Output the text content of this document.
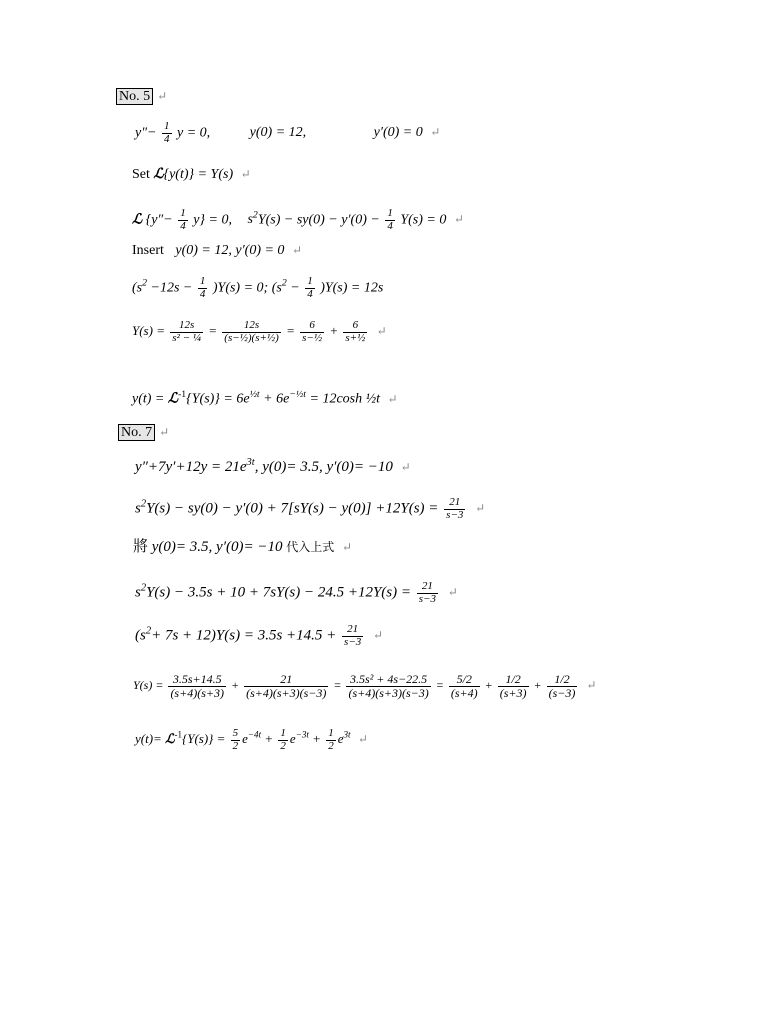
No. 5 ↵
$y''- \frac{1}{4}$ y = 0,	y(0) = 12,	y′(0) = 0 ↵
Set ℒ{y(t)} = Y(s) ↵
ℒ $\{y''- \frac{1}{4} y\} = 0$, $s^2Y(s) - sy(0) - y'(0) - \frac{1}{4} Y(s) = 0$ ↵
Insert y(0) = 12, y′(0) = 0 ↵
$(s^2 -12s - \frac{1}{4} )Y(s) = 0$; $(s^2 - \frac{1}{4} )Y(s) = 12s$
$Y(s) = \frac{12s}{\text{s² − ¼}} = \frac{12s}{\text{(s−½)(s+½)}} = \frac{6}{\text{s−½}} + \frac{6}{\text{s+½}}$ ↵
y(t) = ℒ$^{-1}${Y(s)} = $6e^{\frac{1}{2}t} + 6e^{-\frac{1}{2}t} = 12\cosh$ ½t ↵
No. 7 ↵
$y''+7y'+12y = 21e^{3t}$, y(0)= 3.5, y′(0)= −10 ↵
$s^2Y(s) - sy(0) - y'(0) + 7[sY(s) - y(0)] +12Y(s) = \frac{21}{s-3}$ ↵
將 y(0)= 3.5, y′(0)= −10 代入上式 ↵
$s^2Y(s) - 3.5s + 10 + 7sY(s) - 24.5 +12Y(s) = \frac{21}{s-3}$ ↵
$(s^2+ 7s + 12)Y(s) = 3.5s +14.5 + \frac{21}{s-3}$ ↵
$Y(s) = \frac{3.5s+14.5}{(s+4)(s+3)} + \frac{21}{(s+4)(s+3)(s-3)} = \frac{\text{3.5s² + 4s−22.5}}{(s+4)(s+3)(s-3)} = \frac{5/2}{(s+4)} + \frac{1/2}{(s+3)} + \frac{1/2}{(s-3)}$ ↵
y(t)= ℒ$^{-1}${Y(s)} = $\frac{5}{2} e^{-4t} + \frac{1}{2} e^{-3t} + \frac{1}{2} e^{3t}$ ↵
